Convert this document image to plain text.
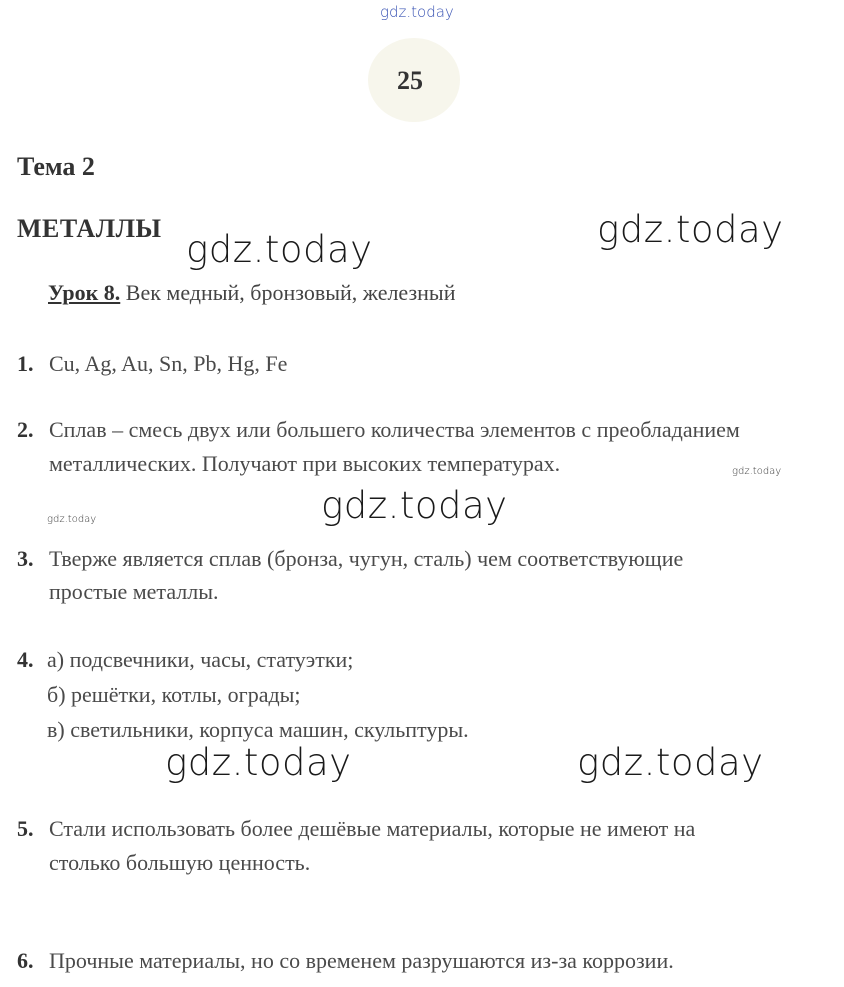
gdz.today
25
Тема 2
МЕТАЛЛЫ gdz.today	gdz.today
Урок 8. Век медный, бронзовый, железный
1. Cu, Ag, Au, Sn, Pb, Hg, Fe
2. Сплав – смесь двух или большего количества элементов с преобладанием
металлических. Получают при высоких температурах.	gdz.today
gdz.today	gdz.today
3. Тверже является сплав (бронза, чугун, сталь) чем соответствующие
простые металлы.
4. а) подсвечники, часы, статуэтки;
б) решётки, котлы, ограды;
в) светильники, корпуса машин, скульптуры.
gdz.today	gdz.today
5. Стали использовать более дешёвые материалы, которые не имеют на
столько большую ценность.
6. Прочные материалы, но со временем разрушаются из-за коррозии.
